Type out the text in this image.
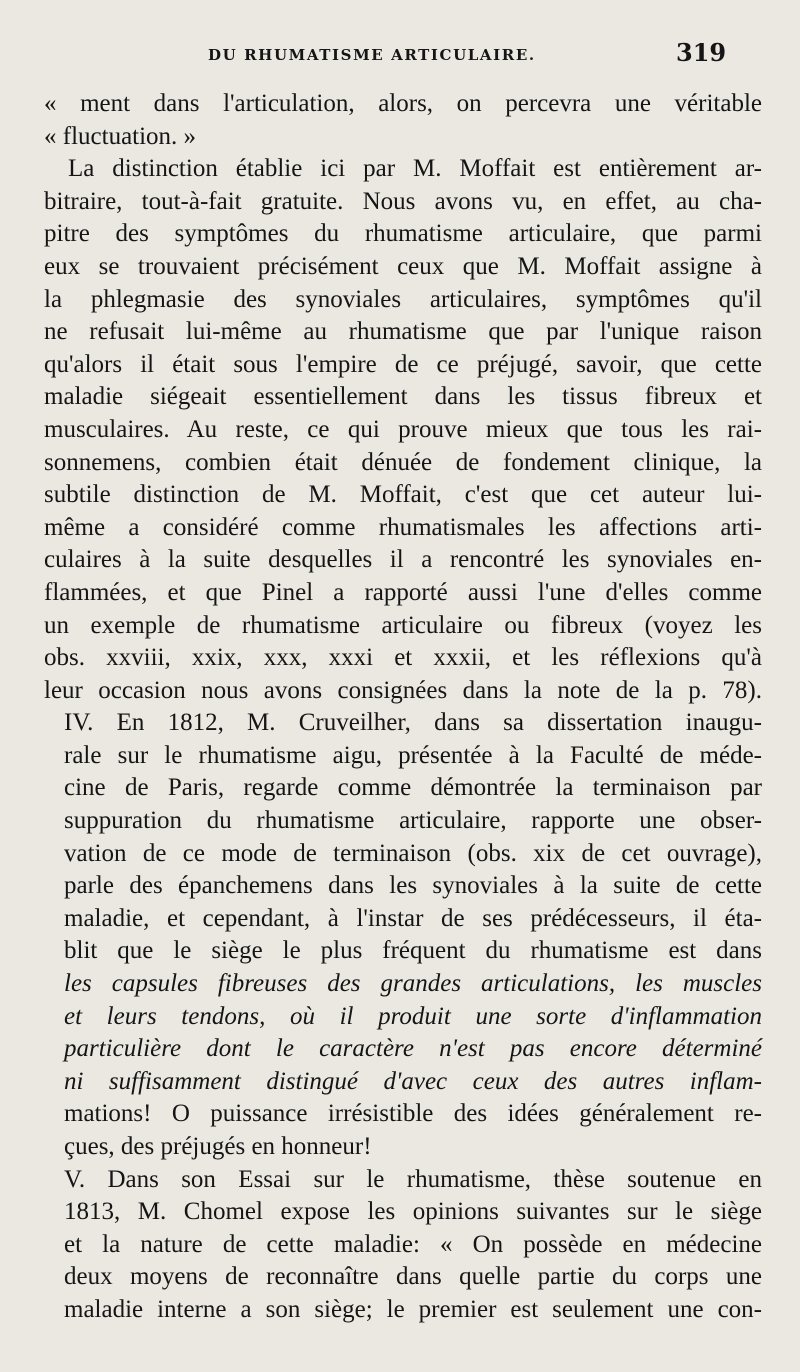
DU RHUMATISME ARTICULAIRE.	319
« ment dans l'articulation, alors, on percevra une véritable
« fluctuation. »
La distinction établie ici par M. Moffait est entièrement ar-
bitraire, tout-à-fait gratuite. Nous avons vu, en effet, au cha-
pitre des symptômes du rhumatisme articulaire, que parmi
eux se trouvaient précisément ceux que M. Moffait assigne à
la phlegmasie des synoviales articulaires, symptômes qu'il
ne refusait lui-même au rhumatisme que par l'unique raison
qu'alors il était sous l'empire de ce préjugé, savoir, que cette
maladie siégeait essentiellement dans les tissus fibreux et
musculaires. Au reste, ce qui prouve mieux que tous les rai-
sonnemens, combien était dénuée de fondement clinique, la
subtile distinction de M. Moffait, c'est que cet auteur lui-
même a considéré comme rhumatismales les affections arti-
culaires à la suite desquelles il a rencontré les synoviales en-
flammées, et que Pinel a rapporté aussi l'une d'elles comme
un exemple de rhumatisme articulaire ou fibreux (voyez les
obs. xxviii, xxix, xxx, xxxi et xxxii, et les réflexions qu'à
leur occasion nous avons consignées dans la note de la p. 78).
IV. En 1812, M. Cruveilher, dans sa dissertation inaugu-
rale sur le rhumatisme aigu, présentée à la Faculté de méde-
cine de Paris, regarde comme démontrée la terminaison par
suppuration du rhumatisme articulaire, rapporte une obser-
vation de ce mode de terminaison (obs. xix de cet ouvrage),
parle des épanchemens dans les synoviales à la suite de cette
maladie, et cependant, à l'instar de ses prédécesseurs, il éta-
blit que le siège le plus fréquent du rhumatisme est dans
les capsules fibreuses des grandes articulations, les muscles
et leurs tendons, où il produit une sorte d'inflammation
particulière dont le caractère n'est pas encore déterminé
ni suffisamment distingué d'avec ceux des autres inflam-
mations! O puissance irrésistible des idées généralement re-
çues, des préjugés en honneur!
V. Dans son Essai sur le rhumatisme, thèse soutenue en
1813, M. Chomel expose les opinions suivantes sur le siège
et la nature de cette maladie: « On possède en médecine
deux moyens de reconnaître dans quelle partie du corps une
maladie interne a son siège; le premier est seulement une con-
